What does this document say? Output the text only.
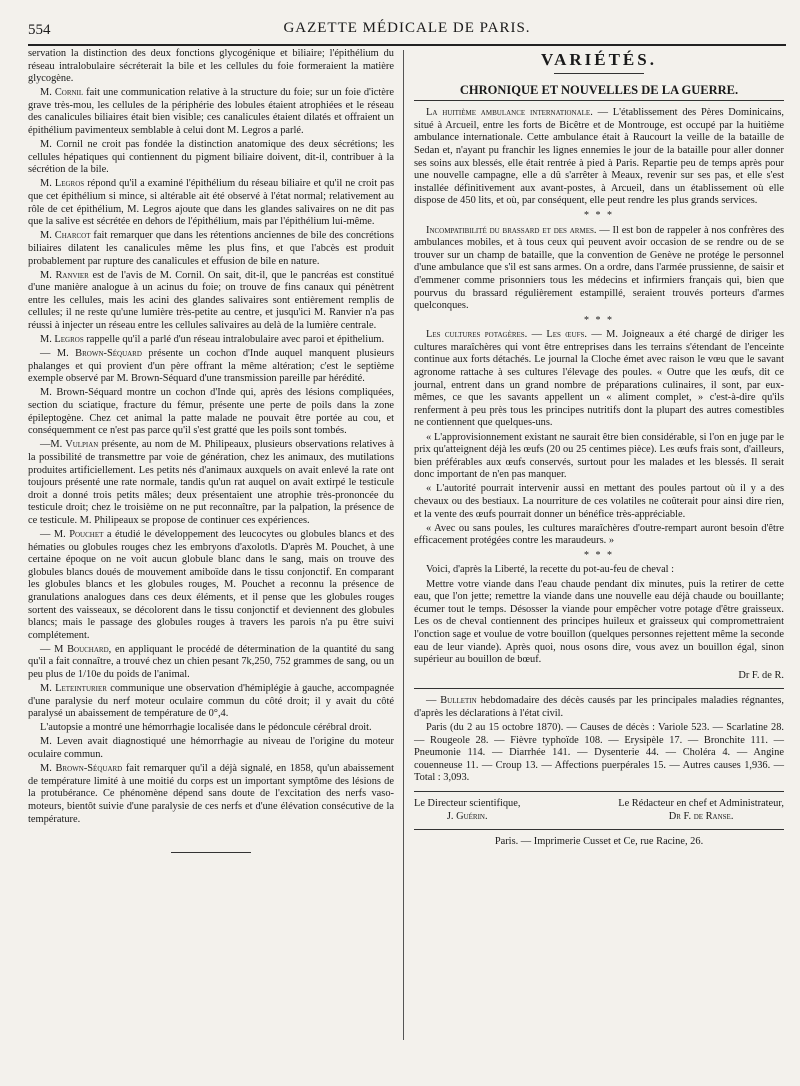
554	GAZETTE MÉDICALE DE PARIS.

servation la distinction des deux fonctions glycogénique et biliaire; l'épithélium du réseau intralobulaire sécréterait la bile et les cellules du foie formeraient la matière glycogène.

M. Cornil fait une communication relative à la structure du foie; sur un foie d'ictère grave très-mou, les cellules de la périphérie des lobules étaient atrophiées et le réseau des canalicules biliaires était bien visible; ces canalicules étaient dilatés et offraient un épithélium pavimenteux semblable à celui dont M. Legros a parlé.

M. Cornil ne croit pas fondée la distinction anatomique des deux sécrétions; les cellules hépatiques qui contiennent du pigment biliaire doivent, dit-il, contribuer à la sécrétion de la bile.

M. Legros répond qu'il a examiné l'épithélium du réseau biliaire et qu'il ne croit pas que cet épithélium si mince, si altérable ait été observé à l'état normal; relativement au rôle de cet épithélium, M. Legros ajoute que dans les glandes salivaires on ne dit pas que la salive est sécrétée en dehors de l'épithélium, mais par l'épithélium lui-même.

M. Charcot fait remarquer que dans les rétentions anciennes de bile des concrétions biliaires dilatent les canalicules même les plus fins, et que l'abcès est produit probablement par rupture des canalicules et effusion de bile en nature.

M. Ranvier est de l'avis de M. Cornil. On sait, dit-il, que le pancréas est constitué d'une manière analogue à un acinus du foie; on trouve de fins canaux qui pénètrent entre les cellules, mais les acini des glandes salivaires sont entièrement remplis de cellules; il ne reste qu'une lumière très-petite au centre, et jusqu'ici M. Ranvier n'a pas réussi à injecter un réseau entre les cellules salivaires au delà de la lumière centrale.

M. Legros rappelle qu'il a parlé d'un réseau intralobulaire avec paroi et épithelium.

— M. Brown-Séquard présente un cochon d'Inde auquel manquent plusieurs phalanges et qui provient d'un père offrant la même altération; c'est le septième exemple observé par M. Brown-Séquard d'une transmission pareille par hérédité.

M. Brown-Séquard montre un cochon d'Inde qui, après des lésions compliquées, section du sciatique, fracture du fémur, présente une perte de poils dans la zone épileptogène. Chez cet animal la patte malade ne pouvait être portée au cou, et conséquemment ce n'est pas parce qu'il s'est gratté que les poils sont tombés.

—M. Vulpian présente, au nom de M. Philipeaux, plusieurs observations relatives à la possibilité de transmettre par voie de génération, chez les animaux, des mutilations produites artificiellement. Les petits nés d'animaux auxquels on avait enlevé la rate ont toujours présenté une rate normale, tandis qu'un rat auquel on avait extirpé le testicule droit a donné trois petits mâles; deux présentaient une atrophie très-prononcée du testicule droit; chez le troisième on ne put reconnaître, par la palpation, la présence de ce testicule. M. Philipeaux se propose de continuer ces expériences.

— M. Pouchet a étudié le développement des leucocytes ou globules blancs et des hématies ou globules rouges chez les embryons d'axolotls. D'après M. Pouchet, à une certaine époque on ne voit aucun globule blanc dans le sang, mais on trouve des globules blancs doués de mouvement amiboïde dans le tissu conjonctif. En comparant les globules blancs et les globules rouges, M. Pouchet a reconnu la présence de granulations analogues dans ces deux éléments, et il pense que les globules rouges sortent des vaisseaux, se décolorent dans le tissu conjonctif et deviennent des globules blancs; mais le passage des globules rouges à travers les parois n'a pu être suivi complétement.

— M Bouchard, en appliquant le procédé de détermination de la quantité du sang qu'il a fait connaître, a trouvé chez un chien pesant 7k,250, 752 grammes de sang, ou un peu plus de 1/10e du poids de l'animal.

M. Leteinturier communique une observation d'hémiplégie à gauche, accompagnée d'une paralysie du nerf moteur oculaire commun du côté droit; il y avait du côté paralysé un abaissement de température de 0°,4.

L'autopsie a montré une hémorrhagie localisée dans le pédoncule cérébral droit.

M. Leven avait diagnostiqué une hémorrhagie au niveau de l'origine du moteur oculaire commun.

M. Brown-Séquard fait remarquer qu'il a déjà signalé, en 1858, qu'un abaissement de température limité à une moitié du corps est un important symptôme des lésions de la protubérance. Ce phénomène dépend sans doute de l'excitation des nerfs vaso-moteurs, bientôt suivie d'une paralysie de ces nerfs et d'une élévation consécutive de la température.

VARIÉTÉS.
CHRONIQUE ET NOUVELLES DE LA GUERRE.

La huitième ambulance internationale. — L'établissement des Pères Dominicains, situé à Arcueil, entre les forts de Bicêtre et de Montrouge, est occupé par la huitième ambulance internationale. Cette ambulance était à Raucourt la veille de la bataille de Sedan et, n'ayant pu franchir les lignes ennemies le jour de la bataille pour aller donner ses soins aux blessés, elle était rentrée à pied à Paris. Repartie peu de temps après pour une nouvelle campagne, elle a dû s'arrêter à Meaux, revenir sur ses pas, et elle s'est installée définitivement aux avant-postes, à Arcueil, dans un établissement où elle dispose de 450 lits, et où, par conséquent, elle peut rendre les plus grands services.

* * *

Incompatibilité du brassard et des armes. — Il est bon de rappeler à nos confrères des ambulances mobiles, et à tous ceux qui peuvent avoir occasion de se rendre ou de se trouver sur un champ de bataille, que la convention de Genève ne protége le personnel d'une ambulance que s'il est sans armes. On a ordre, dans l'armée prussienne, de saisir et d'emmener comme prisonniers tous les médecins et infirmiers français qui, bien que pourvus du brassard régulièrement estampillé, seraient trouvés porteurs d'armes quelconques.

* * *

Les cultures potagères. — Les œufs. — M. Joigneaux a été chargé de diriger les cultures maraîchères qui vont être entreprises dans les terrains s'étendant de l'enceinte continue aux forts détachés. Le journal la Cloche émet avec raison le vœu que le savant agronome rattache à ses cultures l'élevage des poules. « Outre que les œufs, dit ce journal, entrent dans un grand nombre de préparations culinaires, il sont, par eux-mêmes, ce que les savants appellent un « aliment complet, » c'est-à-dire qu'ils renferment à peu près tous les principes nutritifs dont la plupart des autres comestibles ne contiennent que quelques-uns.

« L'approvisionnement existant ne saurait être bien considérable, si l'on en juge par le prix qu'atteignent déjà les œufs (20 ou 25 centimes pièce). Les œufs frais sont, d'ailleurs, bien préférables aux œufs conservés, surtout pour les malades et les blessés. Il serait donc important de n'en pas manquer.

« L'autorité pourrait intervenir aussi en mettant des poules partout où il y a des chevaux ou des bestiaux. La nourriture de ces volatiles ne coûterait pour ainsi dire rien, et la vente des œufs pourrait donner un bénéfice très-appréciable.

« Avec ou sans poules, les cultures maraîchères d'outre-rempart auront besoin d'être efficacement protégées contre les maraudeurs. »

* * *

Voici, d'après la Liberté, la recette du pot-au-feu de cheval :

Mettre votre viande dans l'eau chaude pendant dix minutes, puis la retirer de cette eau, que l'on jette; remettre la viande dans une nouvelle eau déjà chaude ou bouillante; écumer tout le temps. Désosser la viande pour empêcher votre potage d'être graisseux. Les os de cheval contiennent des principes huileux et graisseux qui compromettraient l'onction sage et voulue de votre bouillon (quelques personnes rejettent même la seconde eau de leur viande). Après quoi, nous osons dire, vous avez un bouillon égal, sinon supérieur au bouillon de bœuf.

Dr F. de R.

— Bulletin hebdomadaire des décès causés par les principales maladies régnantes, d'après les déclarations à l'état civil.

Paris (du 2 au 15 octobre 1870). — Causes de décès : Variole 523. — Scarlatine 28. — Rougeole 28. — Fièvre typhoïde 108. — Erysipèle 17. — Bronchite 111. — Pneumonie 114. — Diarrhée 141. — Dysenterie 44. — Choléra 4. — Angine couenneuse 11. — Croup 13. — Affections puerpérales 15. — Autres causes 1,936. — Total : 3,093.

Le Directeur scientifique,
J. Guérin.
Le Rédacteur en chef et Administrateur,
Dr F. de Ranse.
Paris. — Imprimerie Cusset et Ce, rue Racine, 26.
